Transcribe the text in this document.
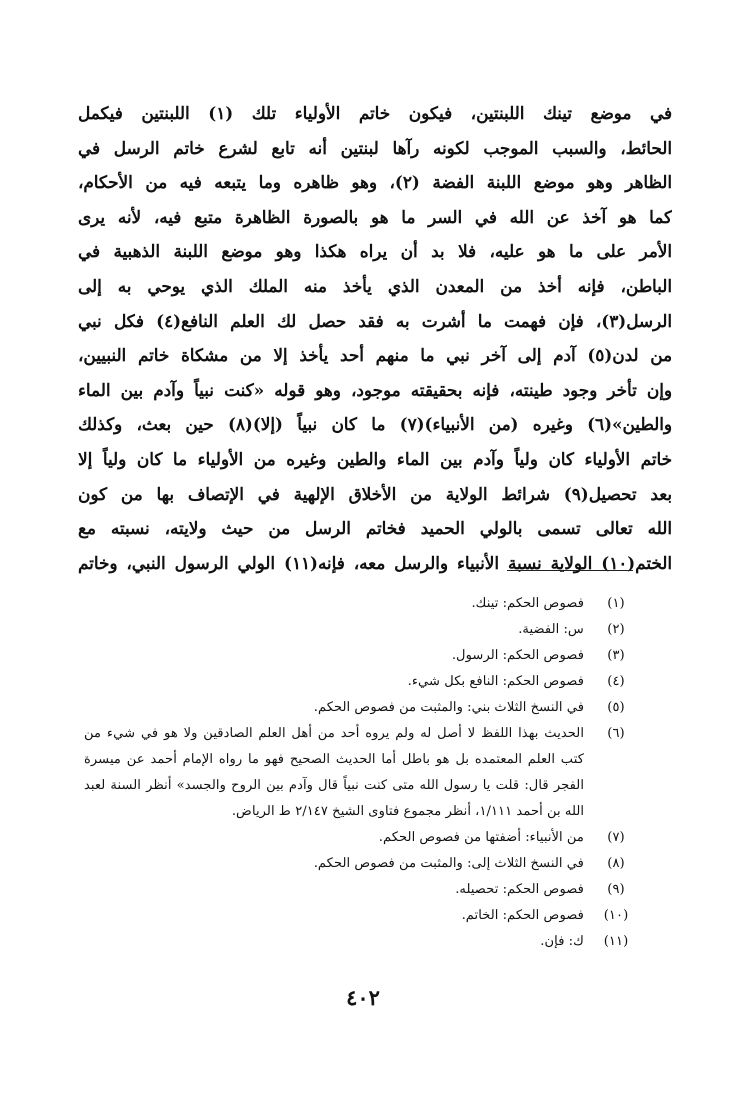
في موضع تينك اللبنتين، فيكون خاتم الأولياء تلك (١) اللبنتين فيكمل
الحائط، والسبب الموجب لكونه رآها لبنتين أنه تابع لشرع خاتم الرسل في
الظاهر وهو موضع اللبنة الفضة (٢)، وهو ظاهره وما يتبعه فيه من الأحكام،
كما هو آخذ عن الله في السر ما هو بالصورة الظاهرة متبع فيه، لأنه يرى
الأمر على ما هو عليه، فلا بد أن يراه هكذا وهو موضع اللبنة الذهبية في
الباطن، فإنه أخذ من المعدن الذي يأخذ منه الملك الذي يوحي به إلى
الرسل(٣)، فإن فهمت ما أشرت به فقد حصل لك العلم النافع(٤) فكل نبي
من لدن(٥) آدم إلى آخر نبي ما منهم أحد يأخذ إلا من مشكاة خاتم النبيين،
وإن تأخر وجود طينته، فإنه بحقيقته موجود، وهو قوله «كنت نبياً وآدم بين الماء
والطين»(٦) وغيره (من الأنبياء)(٧) ما كان نبياً (إلا)(٨) حين بعث، وكذلك
خاتم الأولياء كان ولياً وآدم بين الماء والطين وغيره من الأولياء ما كان ولياً إلا
بعد تحصيل(٩) شرائط الولاية من الأخلاق الإلهية في الإتصاف بها من كون
الله تعالى تسمى بالولي الحميد فخاتم الرسل من حيث ولايته، نسبته مع
الختم(١٠) الولاية نسبة الأنبياء والرسل معه، فإنه(١١) الولي الرسول النبي، وخاتم
(١)
فصوص الحكم: تينك.
(٢)
س: الفضية.
(٣)
فصوص الحكم: الرسول.
(٤)
فصوص الحكم: النافع بكل شيء.
(٥)
في النسخ الثلاث بني: والمثبت من فصوص الحكم.
(٦)
الحديث بهذا اللفظ لا أصل له ولم يروه أحد من أهل العلم الصادقين ولا هو في شيء من كتب العلم المعتمده بل هو باطل أما الحديث الصحيح فهو ما رواه الإمام أحمد عن ميسرة الفجر قال: قلت يا رسول الله متى كنت نبياً قال وآدم بين الروح والجسد» أنظر السنة لعبد الله بن أحمد ١/١١١، أنظر مجموع فتاوى الشيخ ٢/١٤٧ ط الرياض.
(٧)
من الأنبياء: أضفتها من فصوص الحكم.
(٨)
في النسخ الثلاث إلى: والمثبت من فصوص الحكم.
(٩)
فصوص الحكم: تحصيله.
(١٠)
فصوص الحكم: الخاتم.
(١١)
ك: فإن.
٤٠٢
